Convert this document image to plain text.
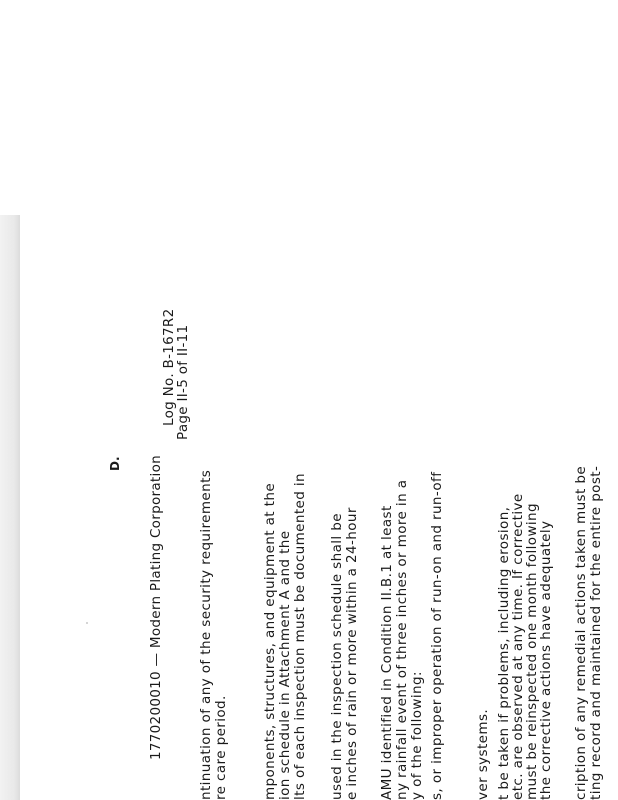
1770200010 — Modern Plating Corporation
Log No. B-167R2
Page II-5 of II-11
D.
ntinuation of any of the security requirements re care period. mponents, structures, and equipment at the ion schedule in Attachment A and the lts of each inspection must be documented in used in the inspection schedule shall be e inches of rain or more within a 24-hour AMU identified in Condition II.B.1 at least ny rainfall event of three inches or more in a y of the following: s, or improper operation of run-on and run-off ver systems. t be taken if problems, including erosion,
etc. are observed at any time. If corrective
must be reinspected one month following
the corrective actions have adequately cription of any remedial actions taken must be ting record and maintained for the entire post-
